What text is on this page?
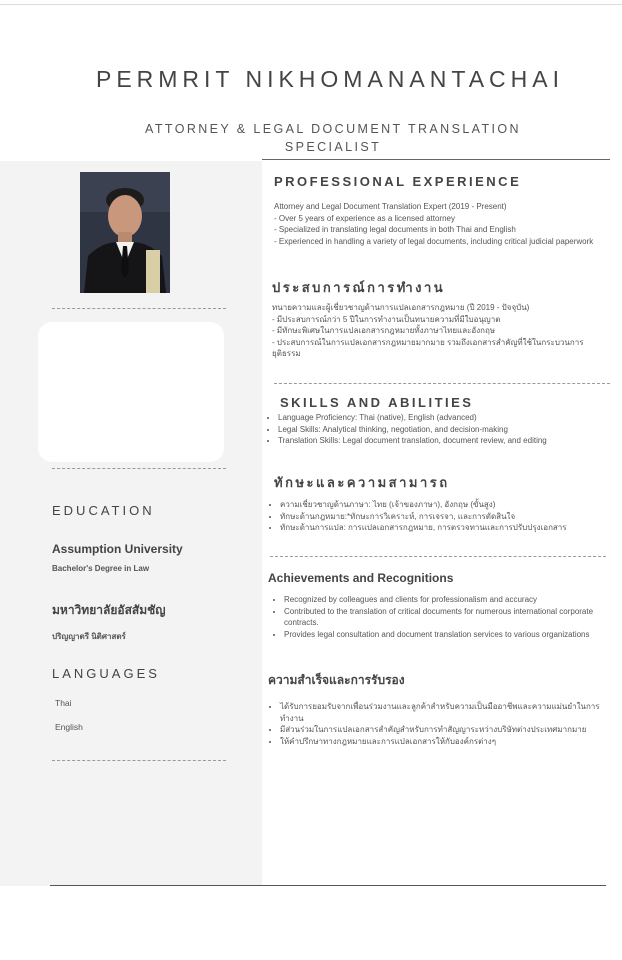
PERMRIT NIKHOMANANTACHAI
ATTORNEY & LEGAL DOCUMENT TRANSLATION SPECIALIST
EDUCATION
Assumption University
Bachelor's Degree in Law
มหาวิทยาลัยอัสสัมชัญ
ปริญญาตรี นิติศาสตร์
LANGUAGES
Thai
English
PROFESSIONAL EXPERIENCE
Attorney and Legal Document Translation Expert (2019 - Present)
- Over 5 years of experience as a licensed attorney
- Specialized in translating legal documents in both Thai and English
- Experienced in handling a variety of legal documents, including critical judicial paperwork
ประสบการณ์การทำงาน
ทนายความและผู้เชี่ยวชาญด้านการแปลเอกสารกฎหมาย (ปี 2019 - ปัจจุบัน)
- มีประสบการณ์กว่า 5 ปีในการทำงานเป็นทนายความที่มีใบอนุญาต
- มีทักษะพิเศษในการแปลเอกสารกฎหมายทั้งภาษาไทยและอังกฤษ
- ประสบการณ์ในการแปลเอกสารกฎหมายมากมาย รวมถึงเอกสารสำคัญที่ใช้ในกระบวนการยุติธรรม
SKILLS AND ABILITIES
• Language Proficiency: Thai (native), English (advanced)
• Legal Skills: Analytical thinking, negotiation, and decision-making
• Translation Skills: Legal document translation, document review, and editing
ทักษะและความสามารถ
• ความเชี่ยวชาญด้านภาษา: ไทย (เจ้าของภาษา), อังกฤษ (ขั้นสูง)
• ทักษะด้านกฎหมาย:*ทักษะการวิเคราะห์, การเจรจา, และการตัดสินใจ
• ทักษะด้านการแปล: การแปลเอกสารกฎหมาย, การตรวจทานและการปรับปรุงเอกสาร
Achievements and Recognitions
• Recognized by colleagues and clients for professionalism and accuracy
• Contributed to the translation of critical documents for numerous international corporate contracts.
• Provides legal consultation and document translation services to various organizations
ความสำเร็จและการรับรอง
• ได้รับการยอมรับจากเพื่อนร่วมงานและลูกค้าสำหรับความเป็นมืออาชีพและความแม่นยำในการทำงาน
• มีส่วนร่วมในการแปลเอกสารสำคัญสำหรับการทำสัญญาระหว่างบริษัทต่างประเทศมากมาย
• ให้คำปรึกษาทางกฎหมายและการแปลเอกสารให้กับองค์กรต่างๆ
